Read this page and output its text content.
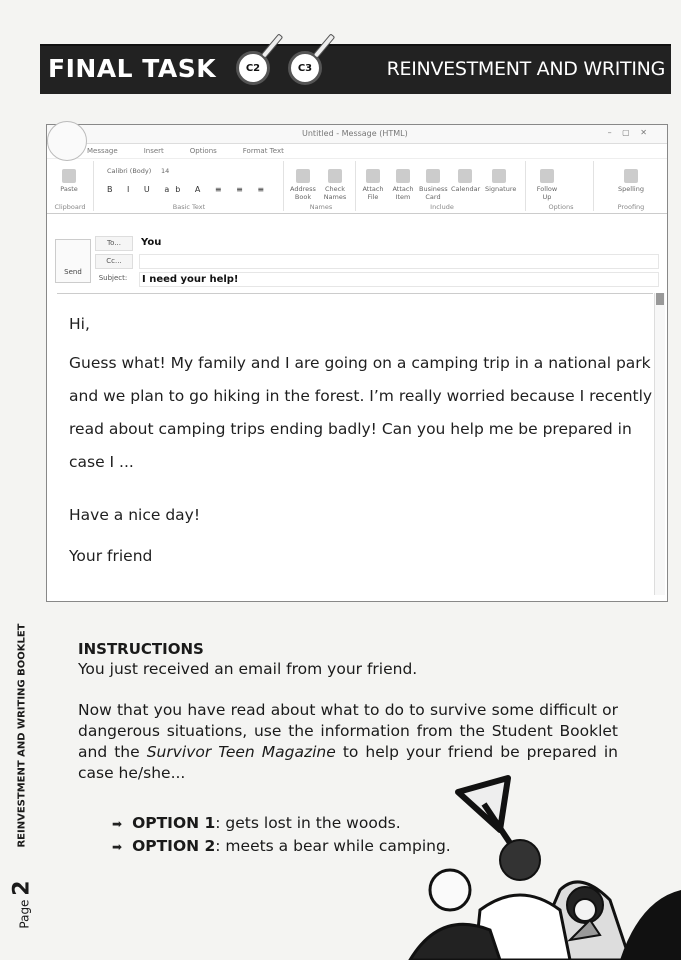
FINAL TASK	C2	C3	REINVESTMENT AND WRITING
Untitled - Message (HTML)	– ▢ ✕
Message	Insert	Options	Format Text
Paste
Clipboard
Calibri (Body) 14
B I U ab A ≡ ≡ ≡
Basic Text
Address Book
Check Names
Names
Attach File
Attach Item
Business Card
Calendar Signature
Include
Follow Up
Options
Spelling
Proofing
Send
To...	You
Cc...
Subject:	I need your help!

Hi,

Guess what! My family and I are going on a camping trip in a national park and we plan to go hiking in the forest. I’m really worried because I recently read about camping trips ending badly! Can you help me be prepared in case I ...

Have a nice day!

Your friend

REINVESTMENT AND WRITING BOOKLET
Page 2
INSTRUCTIONS
You just received an email from your friend.
Now that you have read about what to do to survive some difficult or dangerous situations, use the information from the Student Booklet and the Survivor Teen Magazine to help your friend be prepared in case he/she...
➡ OPTION 1: gets lost in the woods.
➡ OPTION 2: meets a bear while camping.
